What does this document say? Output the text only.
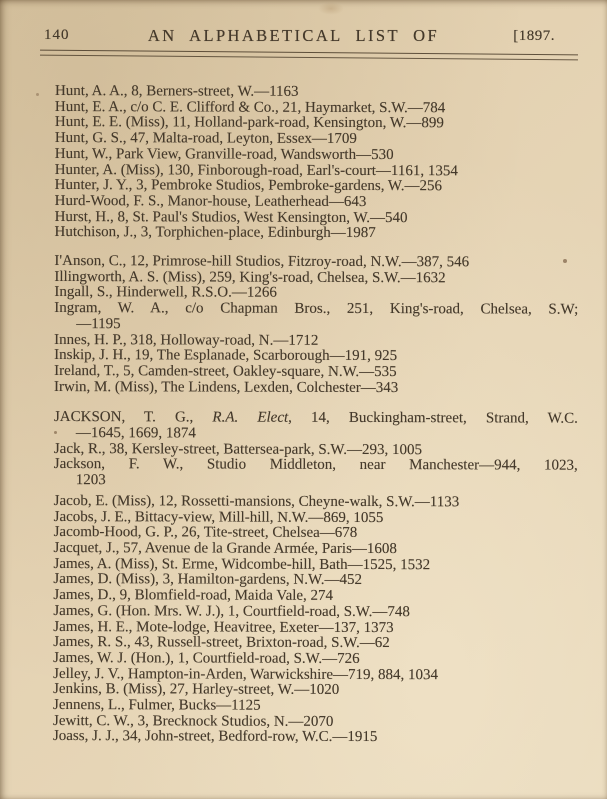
140	AN ALPHABETICAL LIST OF	[1897.

Hunt, A. A., 8, Berners-street, W.—1163

Hunt, E. A., c/o C. E. Clifford & Co., 21, Haymarket, S.W.—784

Hunt, E. E. (Miss), 11, Holland-park-road, Kensington, W.—899

Hunt, G. S., 47, Malta-road, Leyton, Essex—1709

Hunt, W., Park View, Granville-road, Wandsworth—530

Hunter, A. (Miss), 130, Finborough-road, Earl's-court—1161, 1354

Hunter, J. Y., 3, Pembroke Studios, Pembroke-gardens, W.—256

Hurd-Wood, F. S., Manor-house, Leatherhead—643

Hurst, H., 8, St. Paul's Studios, West Kensington, W.—540

Hutchison, J., 3, Torphichen-place, Edinburgh—1987

I'Anson, C., 12, Primrose-hill Studios, Fitzroy-road, N.W.—387, 546

Illingworth, A. S. (Miss), 259, King's-road, Chelsea, S.W.—1632

Ingall, S., Hinderwell, R.S.O.—1266

Ingram, W. A., c/o Chapman Bros., 251, King's-road, Chelsea, S.W;
—1195

Innes, H. P., 318, Holloway-road, N.—1712

Inskip, J. H., 19, The Esplanade, Scarborough—191, 925

Ireland, T., 5, Camden-street, Oakley-square, N.W.—535

Irwin, M. (Miss), The Lindens, Lexden, Colchester—343

JACKSON, T. G., R.A. Elect, 14, Buckingham-street, Strand, W.C.
—1645, 1669, 1874

Jack, R., 38, Kersley-street, Battersea-park, S.W.—293, 1005

Jackson, F. W., Studio Middleton, near Manchester—944, 1023,
1203

Jacob, E. (Miss), 12, Rossetti-mansions, Cheyne-walk, S.W.—1133

Jacobs, J. E., Bittacy-view, Mill-hill, N.W.—869, 1055

Jacomb-Hood, G. P., 26, Tite-street, Chelsea—678

Jacquet, J., 57, Avenue de la Grande Armée, Paris—1608

James, A. (Miss), St. Erme, Widcombe-hill, Bath—1525, 1532

James, D. (Miss), 3, Hamilton-gardens, N.W.—452

James, D., 9, Blomfield-road, Maida Vale, 274

James, G. (Hon. Mrs. W. J.), 1, Courtfield-road, S.W.—748

James, H. E., Mote-lodge, Heavitree, Exeter—137, 1373

James, R. S., 43, Russell-street, Brixton-road, S.W.—62

James, W. J. (Hon.), 1, Courtfield-road, S.W.—726

Jelley, J. V., Hampton-in-Arden, Warwickshire—719, 884, 1034

Jenkins, B. (Miss), 27, Harley-street, W.—1020

Jennens, L., Fulmer, Bucks—1125

Jewitt, C. W., 3, Brecknock Studios, N.—2070

Joass, J. J., 34, John-street, Bedford-row, W.C.—1915
